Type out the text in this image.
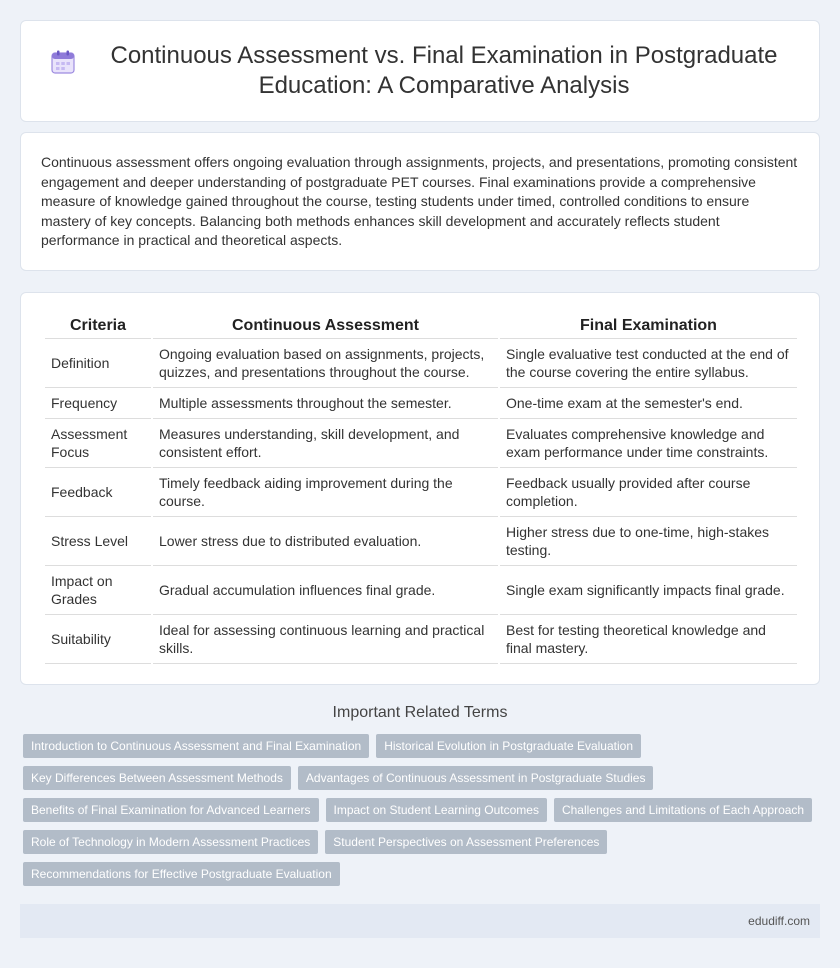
Continuous Assessment vs. Final Examination in Postgraduate Education: A Comparative Analysis

Continuous assessment offers ongoing evaluation through assignments, projects, and presentations, promoting consistent engagement and deeper understanding of postgraduate PET courses. Final examinations provide a comprehensive measure of knowledge gained throughout the course, testing students under timed, controlled conditions to ensure mastery of key concepts. Balancing both methods enhances skill development and accurately reflects student performance in practical and theoretical aspects.

Criteria	Continuous Assessment	Final Examination
Definition	Ongoing evaluation based on assignments, projects, quizzes, and presentations throughout the course.	Single evaluative test conducted at the end of the course covering the entire syllabus.
Frequency	Multiple assessments throughout the semester.	One-time exam at the semester's end.
Assessment Focus	Measures understanding, skill development, and consistent effort.	Evaluates comprehensive knowledge and exam performance under time constraints.
Feedback	Timely feedback aiding improvement during the course.	Feedback usually provided after course completion.
Stress Level	Lower stress due to distributed evaluation.	Higher stress due to one-time, high-stakes testing.
Impact on Grades	Gradual accumulation influences final grade.	Single exam significantly impacts final grade.
Suitability	Ideal for assessing continuous learning and practical skills.	Best for testing theoretical knowledge and final mastery.
Important Related Terms
Introduction to Continuous Assessment and Final Examination	Historical Evolution in Postgraduate Evaluation
Key Differences Between Assessment Methods	Advantages of Continuous Assessment in Postgraduate Studies
Benefits of Final Examination for Advanced Learners	Impact on Student Learning Outcomes	Challenges and Limitations of Each Approach
Role of Technology in Modern Assessment Practices	Student Perspectives on Assessment Preferences
Recommendations for Effective Postgraduate Evaluation
edudiff.com
